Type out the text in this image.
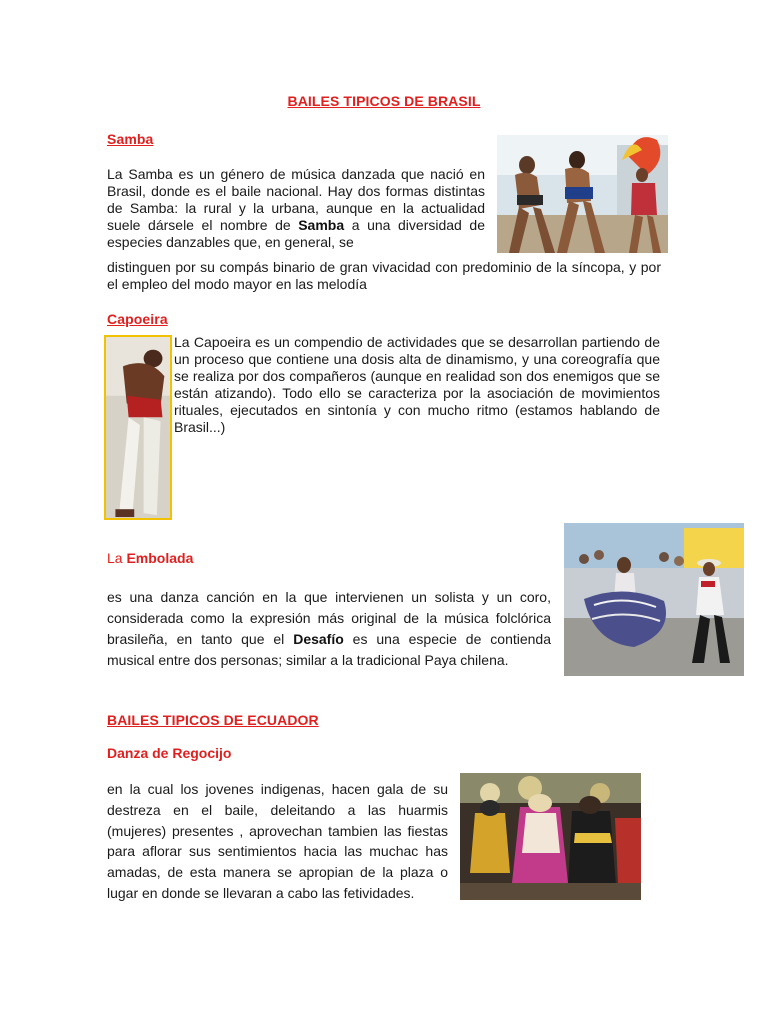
BAILES TIPICOS DE BRASIL
Samba
La Samba es un género de música danzada que nació en Brasil, donde es el baile nacional. Hay dos formas distintas de Samba: la rural y la urbana, aunque en la actualidad suele dársele el nombre de Samba a una diversidad de especies danzables que, en general, se
distinguen por su compás binario de gran vivacidad con predominio de la síncopa, y por el empleo del modo mayor en las melodía
Capoeira
La Capoeira es un compendio de actividades que se desarrollan partiendo de un proceso que contiene una dosis alta de dinamismo, y una coreografía que se realiza por dos compañeros (aunque en realidad son dos enemigos que se están atizando). Todo ello se caracteriza por la asociación de movimientos rituales, ejecutados en sintonía y con mucho ritmo (estamos hablando de Brasil...)
La Embolada
es una danza canción en la que intervienen un solista y un coro, considerada como la expresión más original de la música folclórica brasileña, en tanto que el Desafío es una especie de contienda musical entre dos personas; similar a la tradicional Paya chilena.
BAILES TIPICOS DE ECUADOR
Danza de Regocijo
en la cual los jovenes indigenas, hacen gala de su destreza en el baile, deleitando a las huarmis (mujeres) presentes , aprovechan tambien las fiestas para aflorar sus sentimientos hacia las muchac has amadas, de esta manera se apropian de la plaza o lugar en donde se llevaran a cabo las fetividades.
